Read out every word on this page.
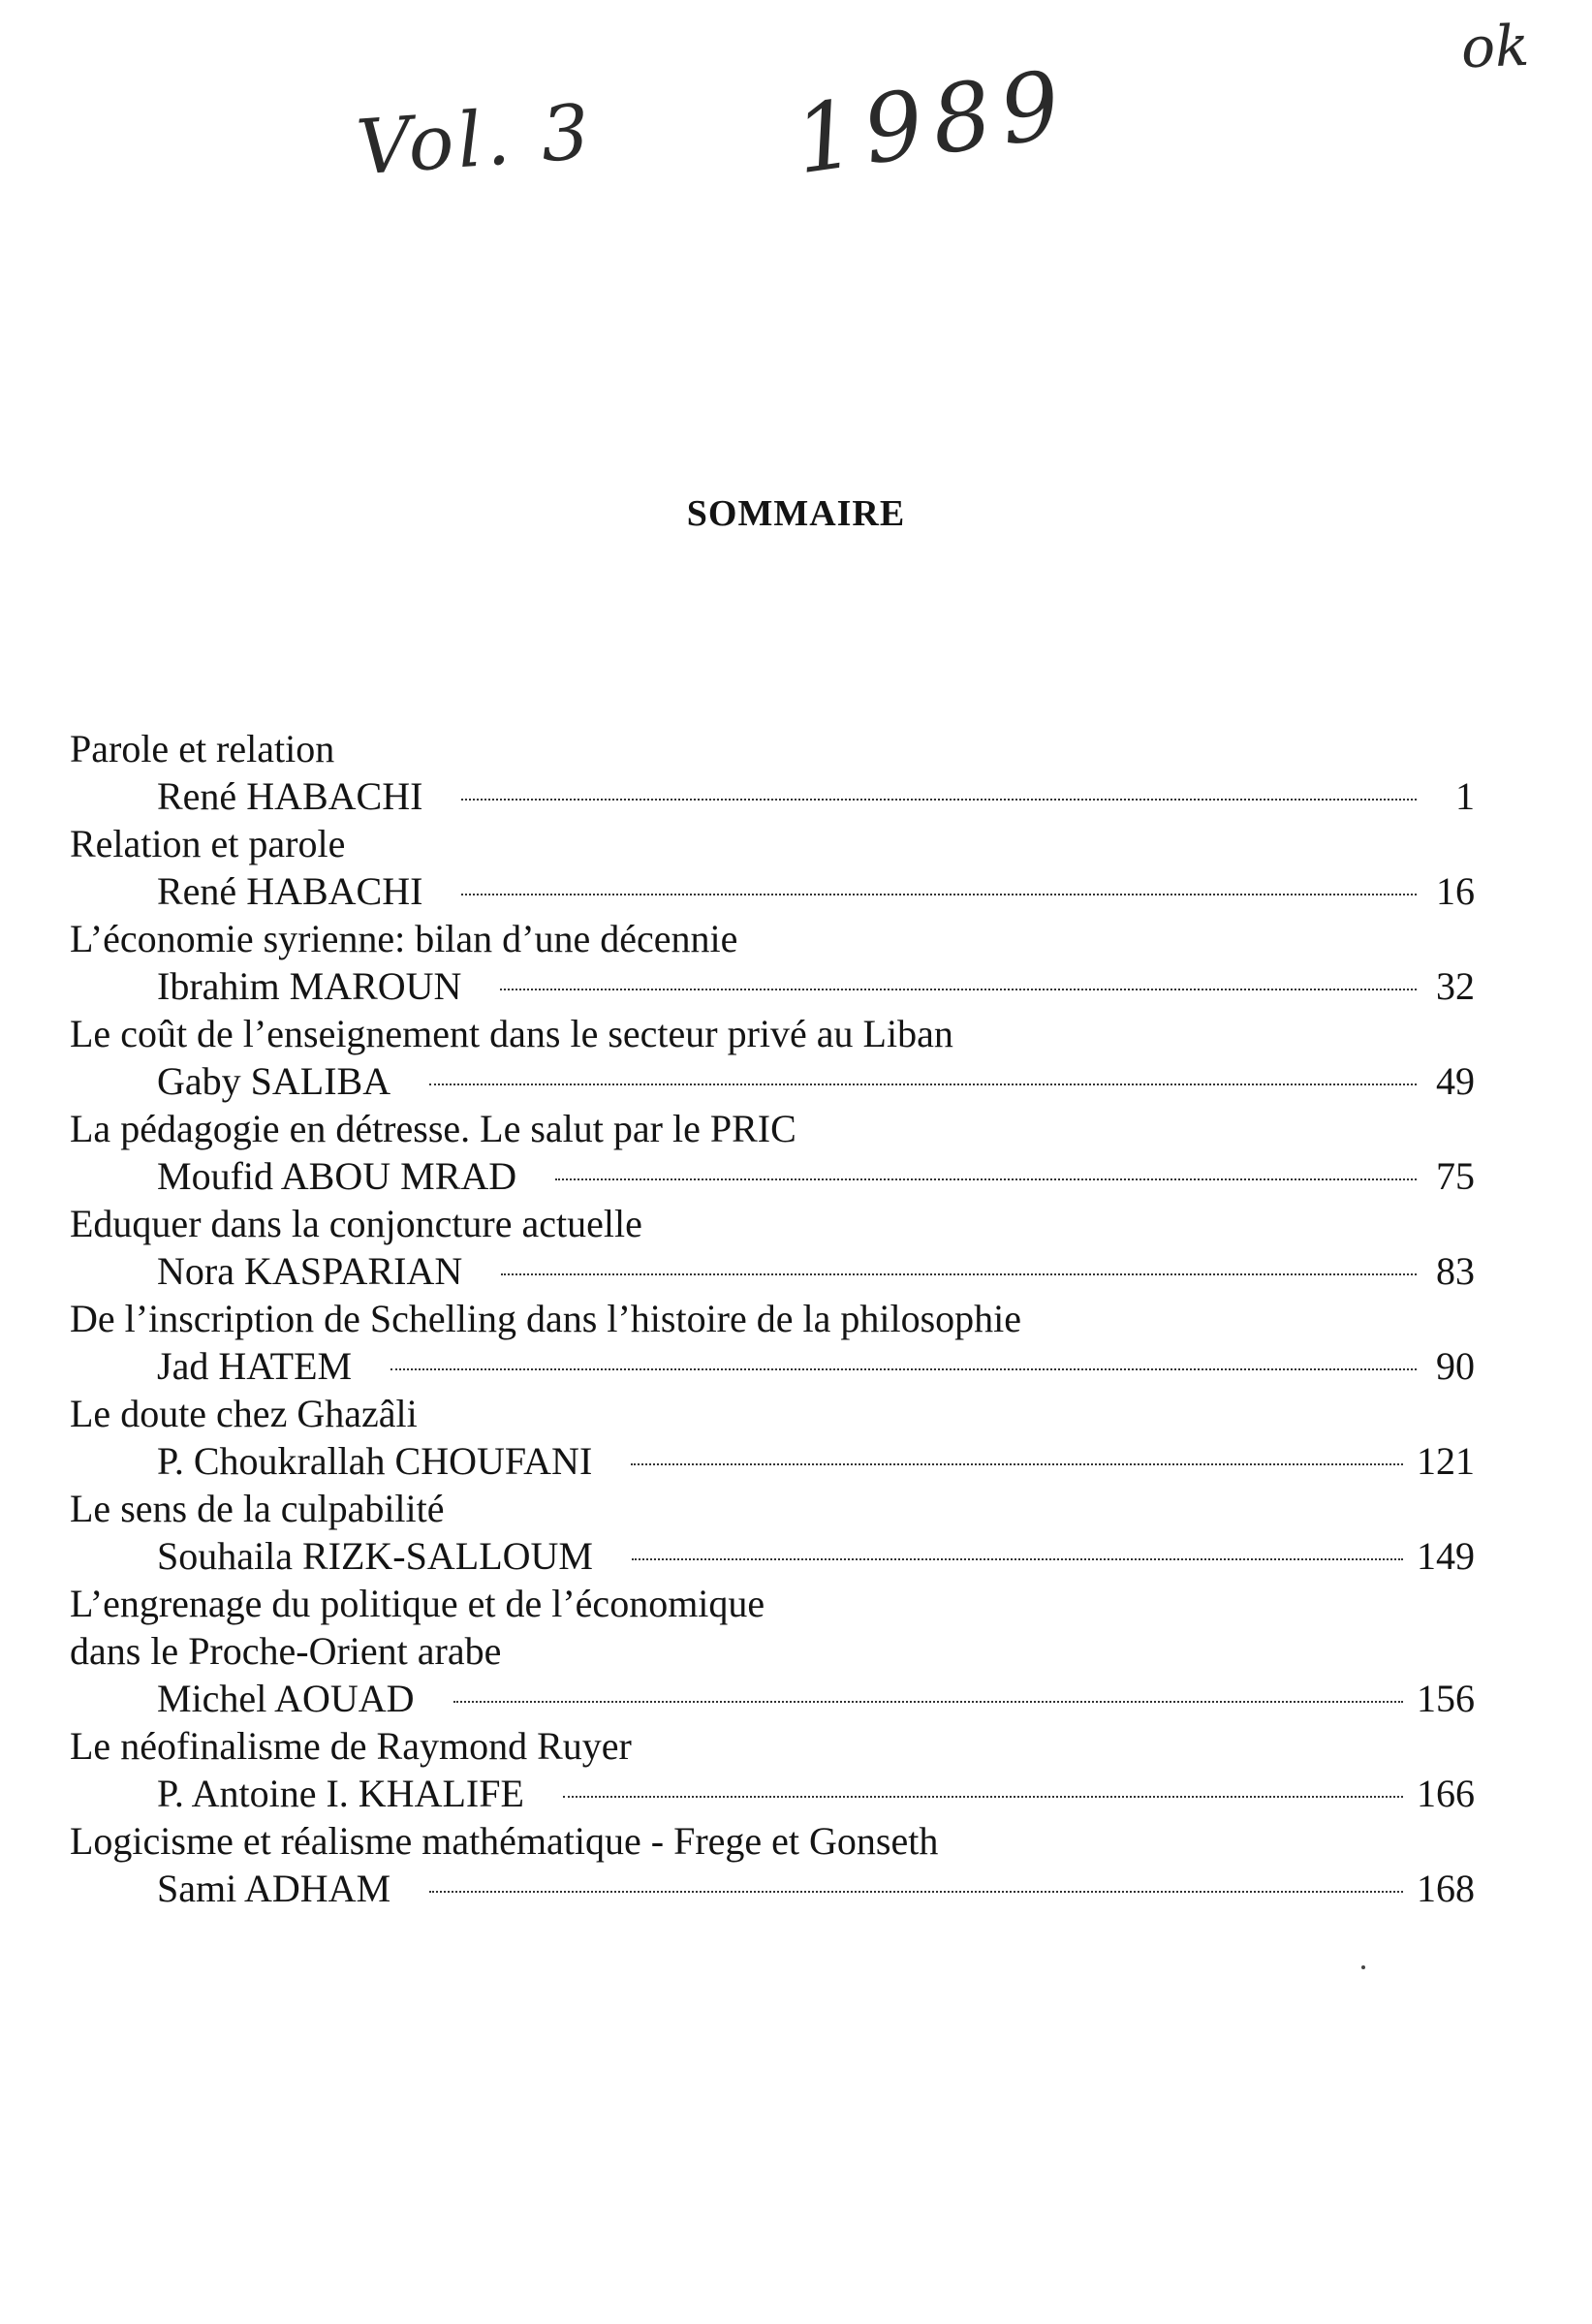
Vol. 3 1989
ok
SOMMAIRE
Parole et relation
René HABACHI	1
Relation et parole
René HABACHI	16
L’économie syrienne: bilan d’une décennie
Ibrahim MAROUN	32
Le coût de l’enseignement dans le secteur privé au Liban
Gaby SALIBA	49
La pédagogie en détresse. Le salut par le PRIC
Moufid ABOU MRAD	75
Eduquer dans la conjoncture actuelle
Nora KASPARIAN	83
De l’inscription de Schelling dans l’histoire de la philosophie
Jad HATEM	90
Le doute chez Ghazâli
P. Choukrallah CHOUFANI	121
Le sens de la culpabilité
Souhaila RIZK-SALLOUM	149
L’engrenage du politique et de l’économique
dans le Proche-Orient arabe
Michel AOUAD	156
Le néofinalisme de Raymond Ruyer
P. Antoine I. KHALIFE	166
Logicisme et réalisme mathématique - Frege et Gonseth
Sami ADHAM	168
